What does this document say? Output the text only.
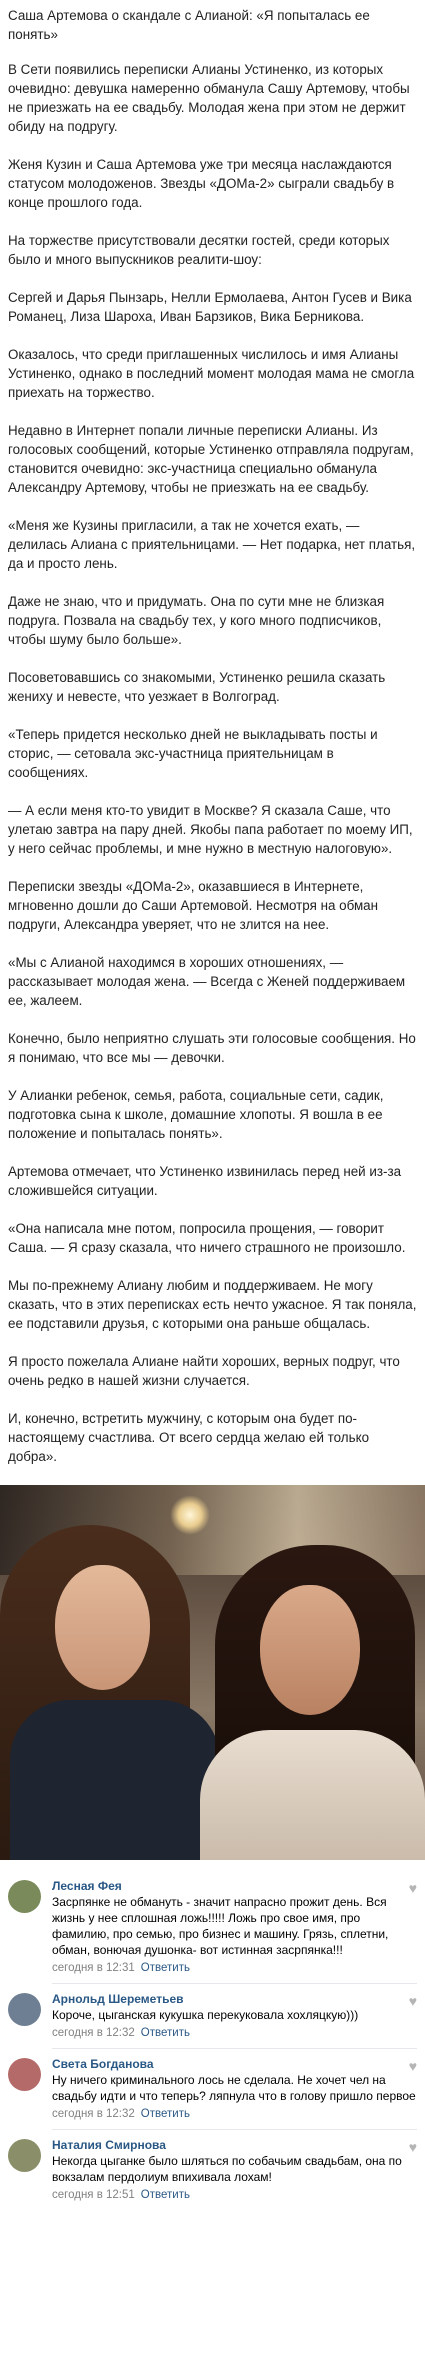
Саша Артемова о скандале с Алианой: «Я попыталась ее понять»

В Сети появились переписки Алианы Устиненко, из которых очевидно: девушка намеренно обманула Сашу Артемову, чтобы не приезжать на ее свадьбу. Молодая жена при этом не держит обиду на подругу.

Женя Кузин и Саша Артемова уже три месяца наслаждаются статусом молодоженов. Звезды «ДОМа-2» сыграли свадьбу в конце прошлого года.

На торжестве присутствовали десятки гостей, среди которых было и много выпускников реалити-шоу:

Сергей и Дарья Пынзарь, Нелли Ермолаева, Антон Гусев и Вика Романец, Лиза Шароха, Иван Барзиков, Вика Берникова.

Оказалось, что среди приглашенных числилось и имя Алианы Устиненко, однако в последний момент молодая мама не смогла приехать на торжество.

Недавно в Интернет попали личные переписки Алианы. Из голосовых сообщений, которые Устиненко отправляла подругам, становится очевидно: экс-участница специально обманула Александру Артемову, чтобы не приезжать на ее свадьбу.

«Меня же Кузины пригласили, а так не хочется ехать, — делилась Алиана с приятельницами. — Нет подарка, нет платья, да и просто лень.

Даже не знаю, что и придумать. Она по сути мне не близкая подруга. Позвала на свадьбу тех, у кого много подписчиков, чтобы шуму было больше».

Посоветовавшись со знакомыми, Устиненко решила сказать жениху и невесте, что уезжает в Волгоград.

«Теперь придется несколько дней не выкладывать посты и сторис, — сетовала экс-участница приятельницам в сообщениях.

— А если меня кто-то увидит в Москве? Я сказала Саше, что улетаю завтра на пару дней. Якобы папа работает по моему ИП, у него сейчас проблемы, и мне нужно в местную налоговую».

Переписки звезды «ДОМа-2», оказавшиеся в Интернете, мгновенно дошли до Саши Артемовой. Несмотря на обман подруги, Александра уверяет, что не злится на нее.

«Мы с Алианой находимся в хороших отношениях, — рассказывает молодая жена. — Всегда с Женей поддерживаем ее, жалеем.

Конечно, было неприятно слушать эти голосовые сообщения. Но я понимаю, что все мы — девочки.

У Алианки ребенок, семья, работа, социальные сети, садик, подготовка сына к школе, домашние хлопоты. Я вошла в ее положение и попыталась понять».

Артемова отмечает, что Устиненко извинилась перед ней из-за сложившейся ситуации.

«Она написала мне потом, попросила прощения, — говорит Саша. — Я сразу сказала, что ничего страшного не произошло.

Мы по-прежнему Алиану любим и поддерживаем. Не могу сказать, что в этих переписках есть нечто ужасное. Я так поняла, ее подставили друзья, с которыми она раньше общалась.

Я просто пожелала Алиане найти хороших, верных подруг, что очень редко в нашей жизни случается.

И, конечно, встретить мужчину, с которым она будет по-настоящему счастлива. От всего сердца желаю ей только добра».

Лесная Фея
Засрпянке не обмануть - значит напрасно прожит день. Вся жизнь у нее сплошная ложь!!!!! Ложь про свое имя, про фамилию, про семью, про бизнес и машину. Грязь, сплетни, обман, вонючая душонка- вот истинная засрпянка!!!
сегодня в 12:31 Ответить
♥
Арнольд Шереметьев
Короче, цыганская кукушка перекуковала хохляцкую)))
сегодня в 12:32 Ответить
♥
Света Богданова
Ну ничего криминального лось не сделала. Не хочет чел на свадьбу идти и что теперь? ляпнула что в голову пришло первое
сегодня в 12:32 Ответить
♥
Наталия Смирнова
Некогда цыганке было шляться по собачьим свадьбам, она по вокзалам пердолиум впихивала лохам!
сегодня в 12:51 Ответить
♥
